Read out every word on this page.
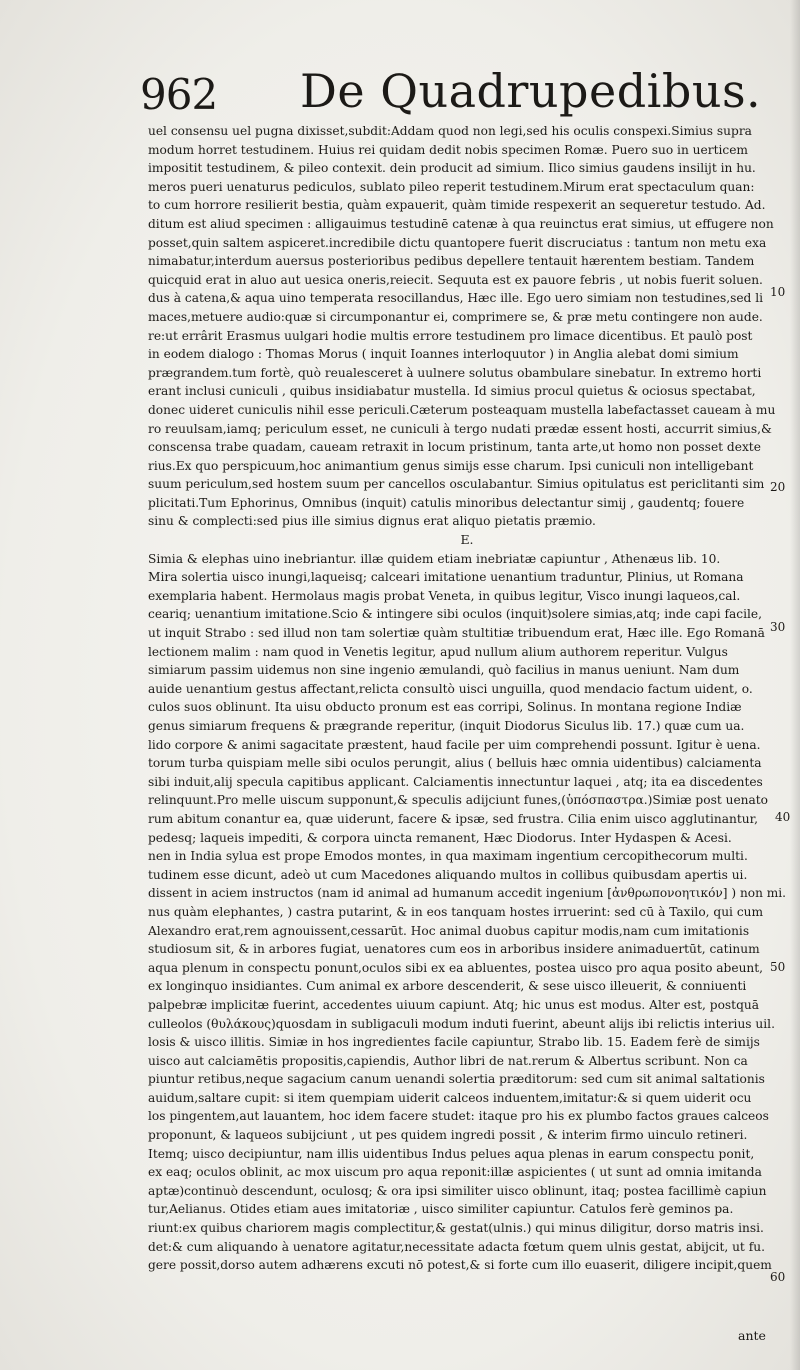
962 De Quadrupedibus.
uel consensu uel pugna dixisset,subdit:Addam quod non legi,sed his oculis conspexi.Simius supra
modum horret testudinem. Huius rei quidam dedit nobis specimen Romæ. Puero suo in uerticem
impositit testudinem, & pileo contexit. dein producit ad simium. Ilico simius gaudens insilijt in hu.
meros pueri uenaturus pediculos, sublato pileo reperit testudinem.Mirum erat spectaculum quan:
to cum horrore resilierit bestia, quàm expauerit, quàm timide respexerit an sequeretur testudo. Ad.
ditum est aliud specimen : alligauimus testudinē catenæ à qua reuinctus erat simius, ut effugere non
posset,quin saltem aspiceret.incredibile dictu quantopere fuerit discruciatus : tantum non metu exa
nimabatur,interdum auersus posterioribus pedibus depellere tentauit hærentem bestiam. Tandem
quicquid erat in aluo aut uesica oneris,reiecit. Sequuta est ex pauore febris , ut nobis fuerit soluen.
dus à catena,& aqua uino temperata resocillandus, Hæc ille. Ego uero simiam non testudines,sed li
maces,metuere audio:quæ si circumponantur ei, comprimere se, & præ metu contingere non aude.
re:ut errârit Erasmus uulgari hodie multis errore testudinem pro limace dicentibus. Et paulò post
in eodem dialogo : Thomas Morus ( inquit Ioannes interloquutor ) in Anglia alebat domi simium
prægrandem.tum fortè, quò reualesceret à uulnere solutus obambulare sinebatur. In extremo horti
erant inclusi cuniculi , quibus insidiabatur mustella. Id simius procul quietus & ociosus spectabat,
donec uideret cuniculis nihil esse periculi.Cæterum posteaquam mustella labefactasset caueam à mu
ro reuulsam,iamq; periculum esset, ne cuniculi à tergo nudati prædæ essent hosti, accurrit simius,&
conscensa trabe quadam, caueam retraxit in locum pristinum, tanta arte,ut homo non posset dexte
rius.Ex quo perspicuum,hoc animantium genus simijs esse charum. Ipsi cuniculi non intelligebant
suum periculum,sed hostem suum per cancellos osculabantur. Simius opitulatus est periclitanti sim
plicitati.Tum Ephorinus, Omnibus (inquit) catulis minoribus delectantur simij , gaudentq; fouere
sinu & complecti:sed pius ille simius dignus erat aliquo pietatis præmio.
E.
Simia & elephas uino inebriantur. illæ quidem etiam inebriatæ capiuntur , Athenæus lib. 10.
Mira solertia uisco inungi,laqueisq; calceari imitatione uenantium traduntur, Plinius, ut Romana
exemplaria habent. Hermolaus magis probat Veneta, in quibus legitur, Visco inungi laqueos,cal.
ceariq; uenantium imitatione.Scio & intingere sibi oculos (inquit)solere simias,atq; inde capi facile,
ut inquit Strabo : sed illud non tam solertiæ quàm stultitiæ tribuendum erat, Hæc ille. Ego Romanā
lectionem malim : nam quod in Venetis legitur, apud nullum alium authorem reperitur. Vulgus
simiarum passim uidemus non sine ingenio æmulandi, quò facilius in manus ueniunt. Nam dum
auide uenantium gestus affectant,relicta consultò uisci unguilla, quod mendacio factum uident, o.
culos suos oblinunt. Ita uisu obducto pronum est eas corripi, Solinus. In montana regione Indiæ
genus simiarum frequens & prægrande reperitur, (inquit Diodorus Siculus lib. 17.) quæ cum ua.
lido corpore & animi sagacitate præstent, haud facile per uim comprehendi possunt. Igitur è uena.
torum turba quispiam melle sibi oculos perungit, alius ( belluis hæc omnia uidentibus) calciamenta
sibi induit,alij specula capitibus applicant. Calciamentis innectuntur laquei , atq; ita ea discedentes
relinquunt.Pro melle uiscum supponunt,& speculis adijciunt funes,(ὑπόσπαστρα.)Simiæ post uenato
rum abitum conantur ea, quæ uiderunt, facere & ipsæ, sed frustra. Cilia enim uisco agglutinantur,
pedesq; laqueis impediti, & corpora uincta remanent, Hæc Diodorus. Inter Hydaspen & Acesi.
nen in India sylua est prope Emodos montes, in qua maximam ingentium cercopithecorum multi.
tudinem esse dicunt, adeò ut cum Macedones aliquando multos in collibus quibusdam apertis ui.
dissent in aciem instructos (nam id animal ad humanum accedit ingenium [ἀνθρωπονοητικόν] ) non mi.
nus quàm elephantes, ) castra putarint, & in eos tanquam hostes irruerint: sed cū à Taxilo, qui cum
Alexandro erat,rem agnouissent,cessarūt. Hoc animal duobus capitur modis,nam cum imitationis
studiosum sit, & in arbores fugiat, uenatores cum eos in arboribus insidere animaduertūt, catinum
aqua plenum in conspectu ponunt,oculos sibi ex ea abluentes, postea uisco pro aqua posito abeunt,
ex longinquo insidiantes. Cum animal ex arbore descenderit, & sese uisco illeuerit, & conniuenti
palpebræ implicitæ fuerint, accedentes uiuum capiunt. Atq; hic unus est modus. Alter est, postquā
culleolos (θυλάκους)quosdam in subligaculi modum induti fuerint, abeunt alijs ibi relictis interius uil.
losis & uisco illitis. Simiæ in hos ingredientes facile capiuntur, Strabo lib. 15. Eadem ferè de simijs
uisco aut calciamētis propositis,capiendis, Author libri de nat.rerum & Albertus scribunt. Non ca
piuntur retibus,neque sagacium canum uenandi solertia præditorum: sed cum sit animal saltationis
auidum,saltare cupit: si item quempiam uiderit calceos induentem,imitatur:& si quem uiderit ocu
los pingentem,aut lauantem, hoc idem facere studet: itaque pro his ex plumbo factos graues calceos
proponunt, & laqueos subijciunt , ut pes quidem ingredi possit , & interim firmo uinculo retineri.
Itemq; uisco decipiuntur, nam illis uidentibus Indus pelues aqua plenas in earum conspectu ponit,
ex eaq; oculos oblinit, ac mox uiscum pro aqua reponit:illæ aspicientes ( ut sunt ad omnia imitanda
aptæ)continuò descendunt, oculosq; & ora ipsi similiter uisco oblinunt, itaq; postea facillimè capiun
tur,Aelianus. Otides etiam aues imitatoriæ , uisco similiter capiuntur. Catulos ferè geminos pa.
riunt:ex quibus chariorem magis complectitur,& gestat(ulnis.) qui minus diligitur, dorso matris insi.
det:& cum aliquando à uenatore agitatur,necessitate adacta fœtum quem ulnis gestat, abijcit, ut fu.
gere possit,dorso autem adhærens excuti nō potest,& si forte cum illo euaserit, diligere incipit,quem
10
20
30
40
50
60
ante
